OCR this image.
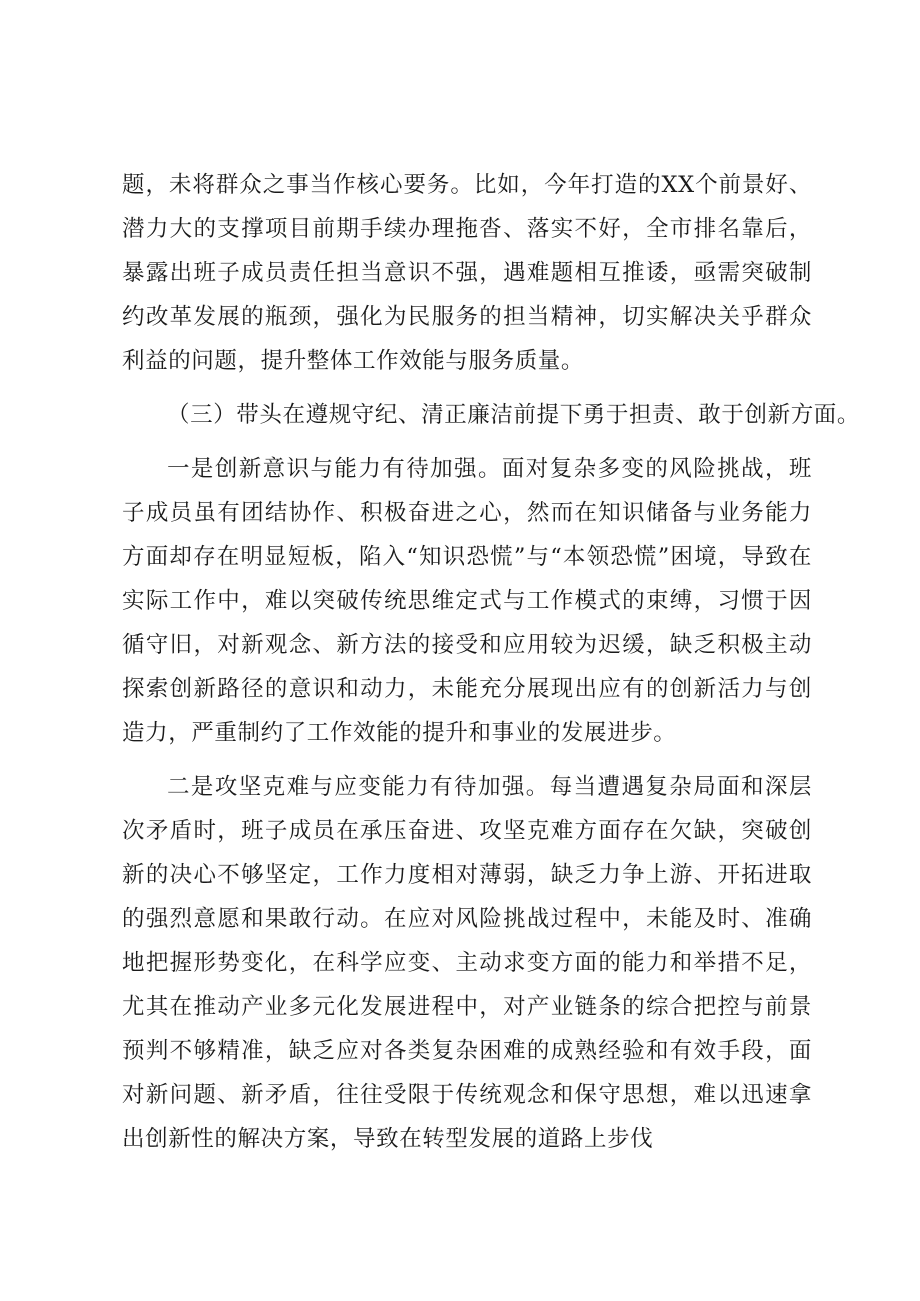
题，未将群众之事当作核心要务。比如，今年打造的XX个前景好、潜力大的支撑项目前期手续办理拖沓、落实不好，全市排名靠后，暴露出班子成员责任担当意识不强，遇难题相互推诿，亟需突破制约改革发展的瓶颈，强化为民服务的担当精神，切实解决关乎群众利益的问题，提升整体工作效能与服务质量。

（三）带头在遵规守纪、清正廉洁前提下勇于担责、敢于创新方面。

一是创新意识与能力有待加强。面对复杂多变的风险挑战，班子成员虽有团结协作、积极奋进之心，然而在知识储备与业务能力方面却存在明显短板，陷入“知识恐慌”与“本领恐慌”困境，导致在实际工作中，难以突破传统思维定式与工作模式的束缚，习惯于因循守旧，对新观念、新方法的接受和应用较为迟缓，缺乏积极主动探索创新路径的意识和动力，未能充分展现出应有的创新活力与创造力，严重制约了工作效能的提升和事业的发展进步。

二是攻坚克难与应变能力有待加强。每当遭遇复杂局面和深层次矛盾时，班子成员在承压奋进、攻坚克难方面存在欠缺，突破创新的决心不够坚定，工作力度相对薄弱，缺乏力争上游、开拓进取的强烈意愿和果敢行动。在应对风险挑战过程中，未能及时、准确地把握形势变化，在科学应变、主动求变方面的能力和举措不足，尤其在推动产业多元化发展进程中，对产业链条的综合把控与前景预判不够精准，缺乏应对各类复杂困难的成熟经验和有效手段，面对新问题、新矛盾，往往受限于传统观念和保守思想，难以迅速拿出创新性的解决方案，导致在转型发展的道路上步伐
